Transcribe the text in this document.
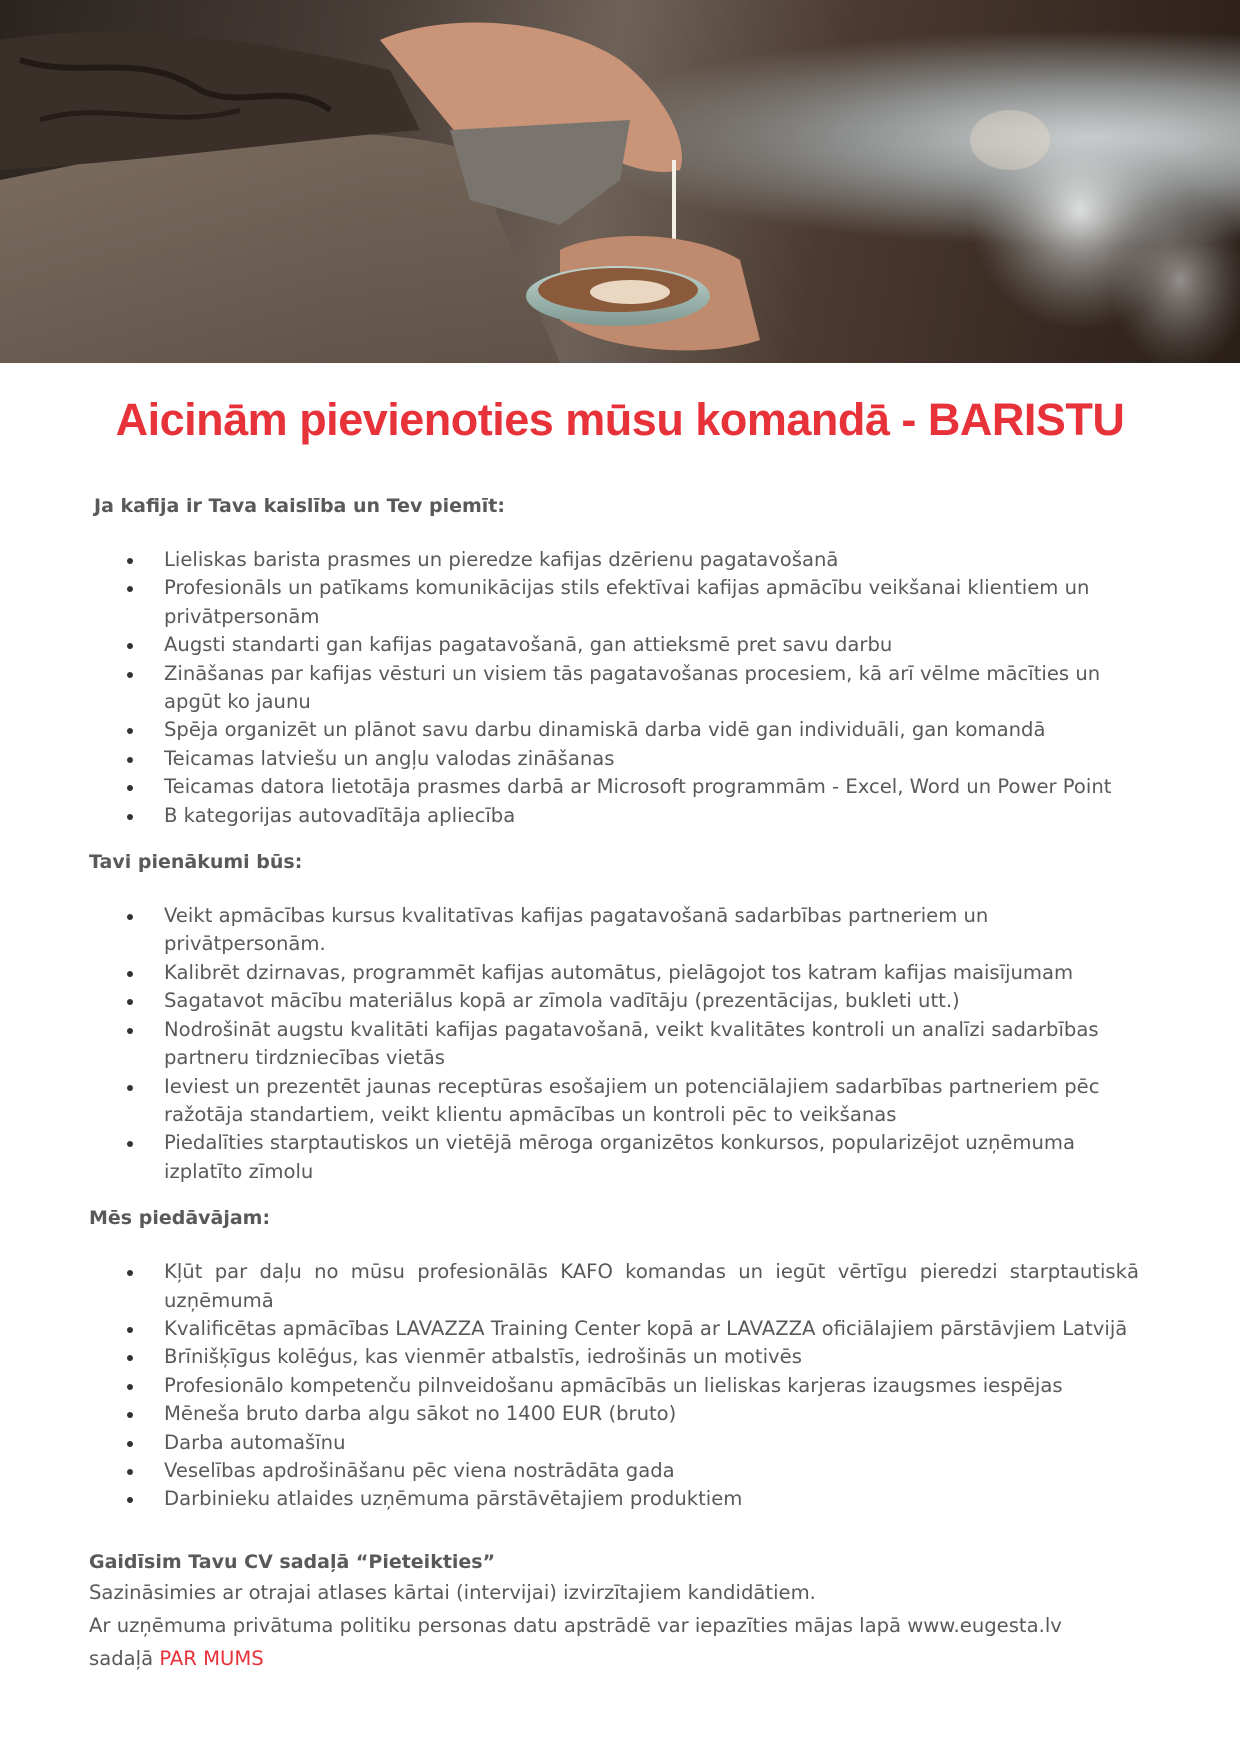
Aicinām pievienoties mūsu komandā - BARISTU
Ja kafija ir Tava kaislība un Tev piemīt:
Lieliskas barista prasmes un pieredze kafijas dzērienu pagatavošanā
Profesionāls un patīkams komunikācijas stils efektīvai kafijas apmācību veikšanai klientiem un privātpersonām
Augsti standarti gan kafijas pagatavošanā, gan attieksmē pret savu darbu
Zināšanas par kafijas vēsturi un visiem tās pagatavošanas procesiem, kā arī vēlme mācīties un apgūt ko jaunu
Spēja organizēt un plānot savu darbu dinamiskā darba vidē gan individuāli, gan komandā
Teicamas latviešu un angļu valodas zināšanas
Teicamas datora lietotāja prasmes darbā ar Microsoft programmām - Excel, Word un Power Point
B kategorijas autovadītāja apliecība
Tavi pienākumi būs:
Veikt apmācības kursus kvalitatīvas kafijas pagatavošanā sadarbības partneriem un privātpersonām.
Kalibrēt dzirnavas, programmēt kafijas automātus, pielāgojot tos katram kafijas maisījumam
Sagatavot mācību materiālus kopā ar zīmola vadītāju (prezentācijas, bukleti utt.)
Nodrošināt augstu kvalitāti kafijas pagatavošanā, veikt kvalitātes kontroli un analīzi sadarbības partneru tirdzniecības vietās
Ieviest un prezentēt jaunas receptūras esošajiem un potenciālajiem sadarbības partneriem pēc ražotāja standartiem, veikt klientu apmācības un kontroli pēc to veikšanas
Piedalīties starptautiskos un vietējā mēroga organizētos konkursos, popularizējot uzņēmuma izplatīto zīmolu
Mēs piedāvājam:
Kļūt par daļu no mūsu profesionālās KAFO komandas un iegūt vērtīgu pieredzi starptautiskā uzņēmumā
Kvalificētas apmācības LAVAZZA Training Center kopā ar LAVAZZA oficiālajiem pārstāvjiem Latvijā
Brīnišķīgus kolēģus, kas vienmēr atbalstīs, iedrošinās un motivēs
Profesionālo kompetenču pilnveidošanu apmācībās un lieliskas karjeras izaugsmes iespējas
Mēneša bruto darba algu sākot no 1400 EUR (bruto)
Darba automašīnu
Veselības apdrošināšanu pēc viena nostrādāta gada
Darbinieku atlaides uzņēmuma pārstāvētajiem produktiem
Gaidīsim Tavu CV sadaļā “Pieteikties”

Sazināsimies ar otrajai atlases kārtai (intervijai) izvirzītajiem kandidātiem.

Ar uzņēmuma privātuma politiku personas datu apstrādē var iepazīties mājas lapā www.eugesta.lv

sadaļā PAR MUMS
